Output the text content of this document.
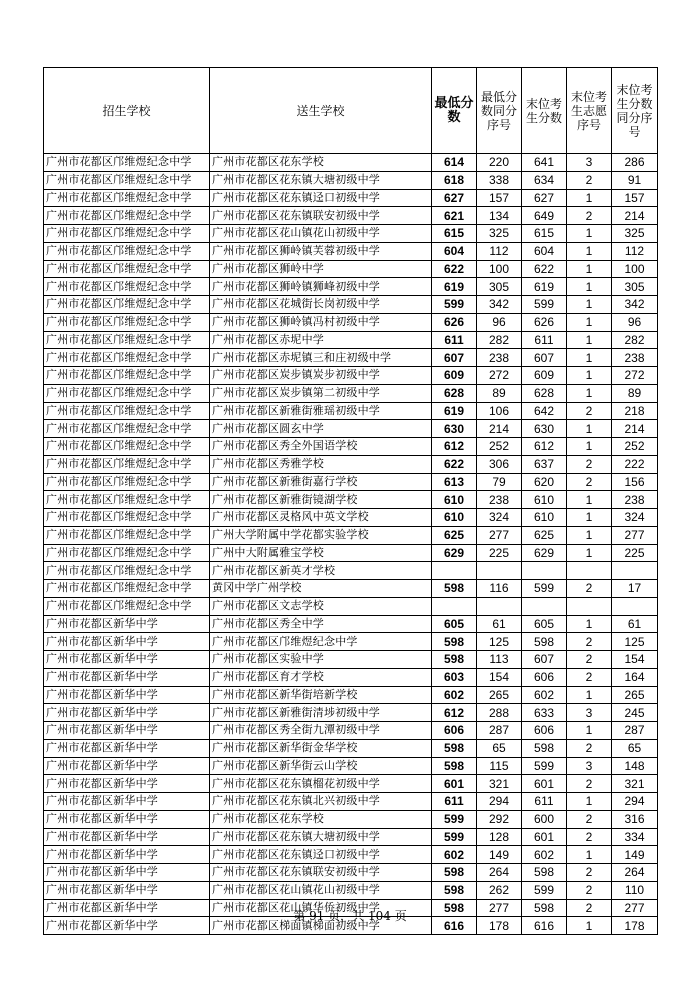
招生学校	送生学校	最低分数	最低分数同分序号	末位考生分数	末位考生志愿序号	末位考生分数同分序号
广州市花都区邝维煜纪念中学	广州市花都区花东学校	614	220	641	3	286
广州市花都区邝维煜纪念中学	广州市花都区花东镇大塘初级中学	618	338	634	2	91
广州市花都区邝维煜纪念中学	广州市花都区花东镇迳口初级中学	627	157	627	1	157
广州市花都区邝维煜纪念中学	广州市花都区花东镇联安初级中学	621	134	649	2	214
广州市花都区邝维煜纪念中学	广州市花都区花山镇花山初级中学	615	325	615	1	325
广州市花都区邝维煜纪念中学	广州市花都区狮岭镇芙蓉初级中学	604	112	604	1	112
广州市花都区邝维煜纪念中学	广州市花都区狮岭中学	622	100	622	1	100
广州市花都区邝维煜纪念中学	广州市花都区狮岭镇狮峰初级中学	619	305	619	1	305
广州市花都区邝维煜纪念中学	广州市花都区花城街长岗初级中学	599	342	599	1	342
广州市花都区邝维煜纪念中学	广州市花都区狮岭镇冯村初级中学	626	96	626	1	96
广州市花都区邝维煜纪念中学	广州市花都区赤坭中学	611	282	611	1	282
广州市花都区邝维煜纪念中学	广州市花都区赤坭镇三和庄初级中学	607	238	607	1	238
广州市花都区邝维煜纪念中学	广州市花都区炭步镇炭步初级中学	609	272	609	1	272
广州市花都区邝维煜纪念中学	广州市花都区炭步镇第二初级中学	628	89	628	1	89
广州市花都区邝维煜纪念中学	广州市花都区新雅街雅瑶初级中学	619	106	642	2	218
广州市花都区邝维煜纪念中学	广州市花都区圆玄中学	630	214	630	1	214
广州市花都区邝维煜纪念中学	广州市花都区秀全外国语学校	612	252	612	1	252
广州市花都区邝维煜纪念中学	广州市花都区秀雅学校	622	306	637	2	222
广州市花都区邝维煜纪念中学	广州市花都区新雅街嘉行学校	613	79	620	2	156
广州市花都区邝维煜纪念中学	广州市花都区新雅街镜湖学校	610	238	610	1	238
广州市花都区邝维煜纪念中学	广州市花都区灵格风中英文学校	610	324	610	1	324
广州市花都区邝维煜纪念中学	广州大学附属中学花都实验学校	625	277	625	1	277
广州市花都区邝维煜纪念中学	广州中大附属雅宝学校	629	225	629	1	225
广州市花都区邝维煜纪念中学	广州市花都区新英才学校					
广州市花都区邝维煜纪念中学	黄冈中学广州学校	598	116	599	2	17
广州市花都区邝维煜纪念中学	广州市花都区文志学校					
广州市花都区新华中学	广州市花都区秀全中学	605	61	605	1	61
广州市花都区新华中学	广州市花都区邝维煜纪念中学	598	125	598	2	125
广州市花都区新华中学	广州市花都区实验中学	598	113	607	2	154
广州市花都区新华中学	广州市花都区育才学校	603	154	606	2	164
广州市花都区新华中学	广州市花都区新华街培新学校	602	265	602	1	265
广州市花都区新华中学	广州市花都区新雅街清埗初级中学	612	288	633	3	245
广州市花都区新华中学	广州市花都区秀全街九潭初级中学	606	287	606	1	287
广州市花都区新华中学	广州市花都区新华街金华学校	598	65	598	2	65
广州市花都区新华中学	广州市花都区新华街云山学校	598	115	599	3	148
广州市花都区新华中学	广州市花都区花东镇榴花初级中学	601	321	601	2	321
广州市花都区新华中学	广州市花都区花东镇北兴初级中学	611	294	611	1	294
广州市花都区新华中学	广州市花都区花东学校	599	292	600	2	316
广州市花都区新华中学	广州市花都区花东镇大塘初级中学	599	128	601	2	334
广州市花都区新华中学	广州市花都区花东镇迳口初级中学	602	149	602	1	149
广州市花都区新华中学	广州市花都区花东镇联安初级中学	598	264	598	2	264
广州市花都区新华中学	广州市花都区花山镇花山初级中学	598	262	599	2	110
广州市花都区新华中学	广州市花都区花山镇华侨初级中学	598	277	598	2	277
广州市花都区新华中学	广州市花都区梯面镇梯面初级中学	616	178	616	1	178
第 91 页，共 104 页
